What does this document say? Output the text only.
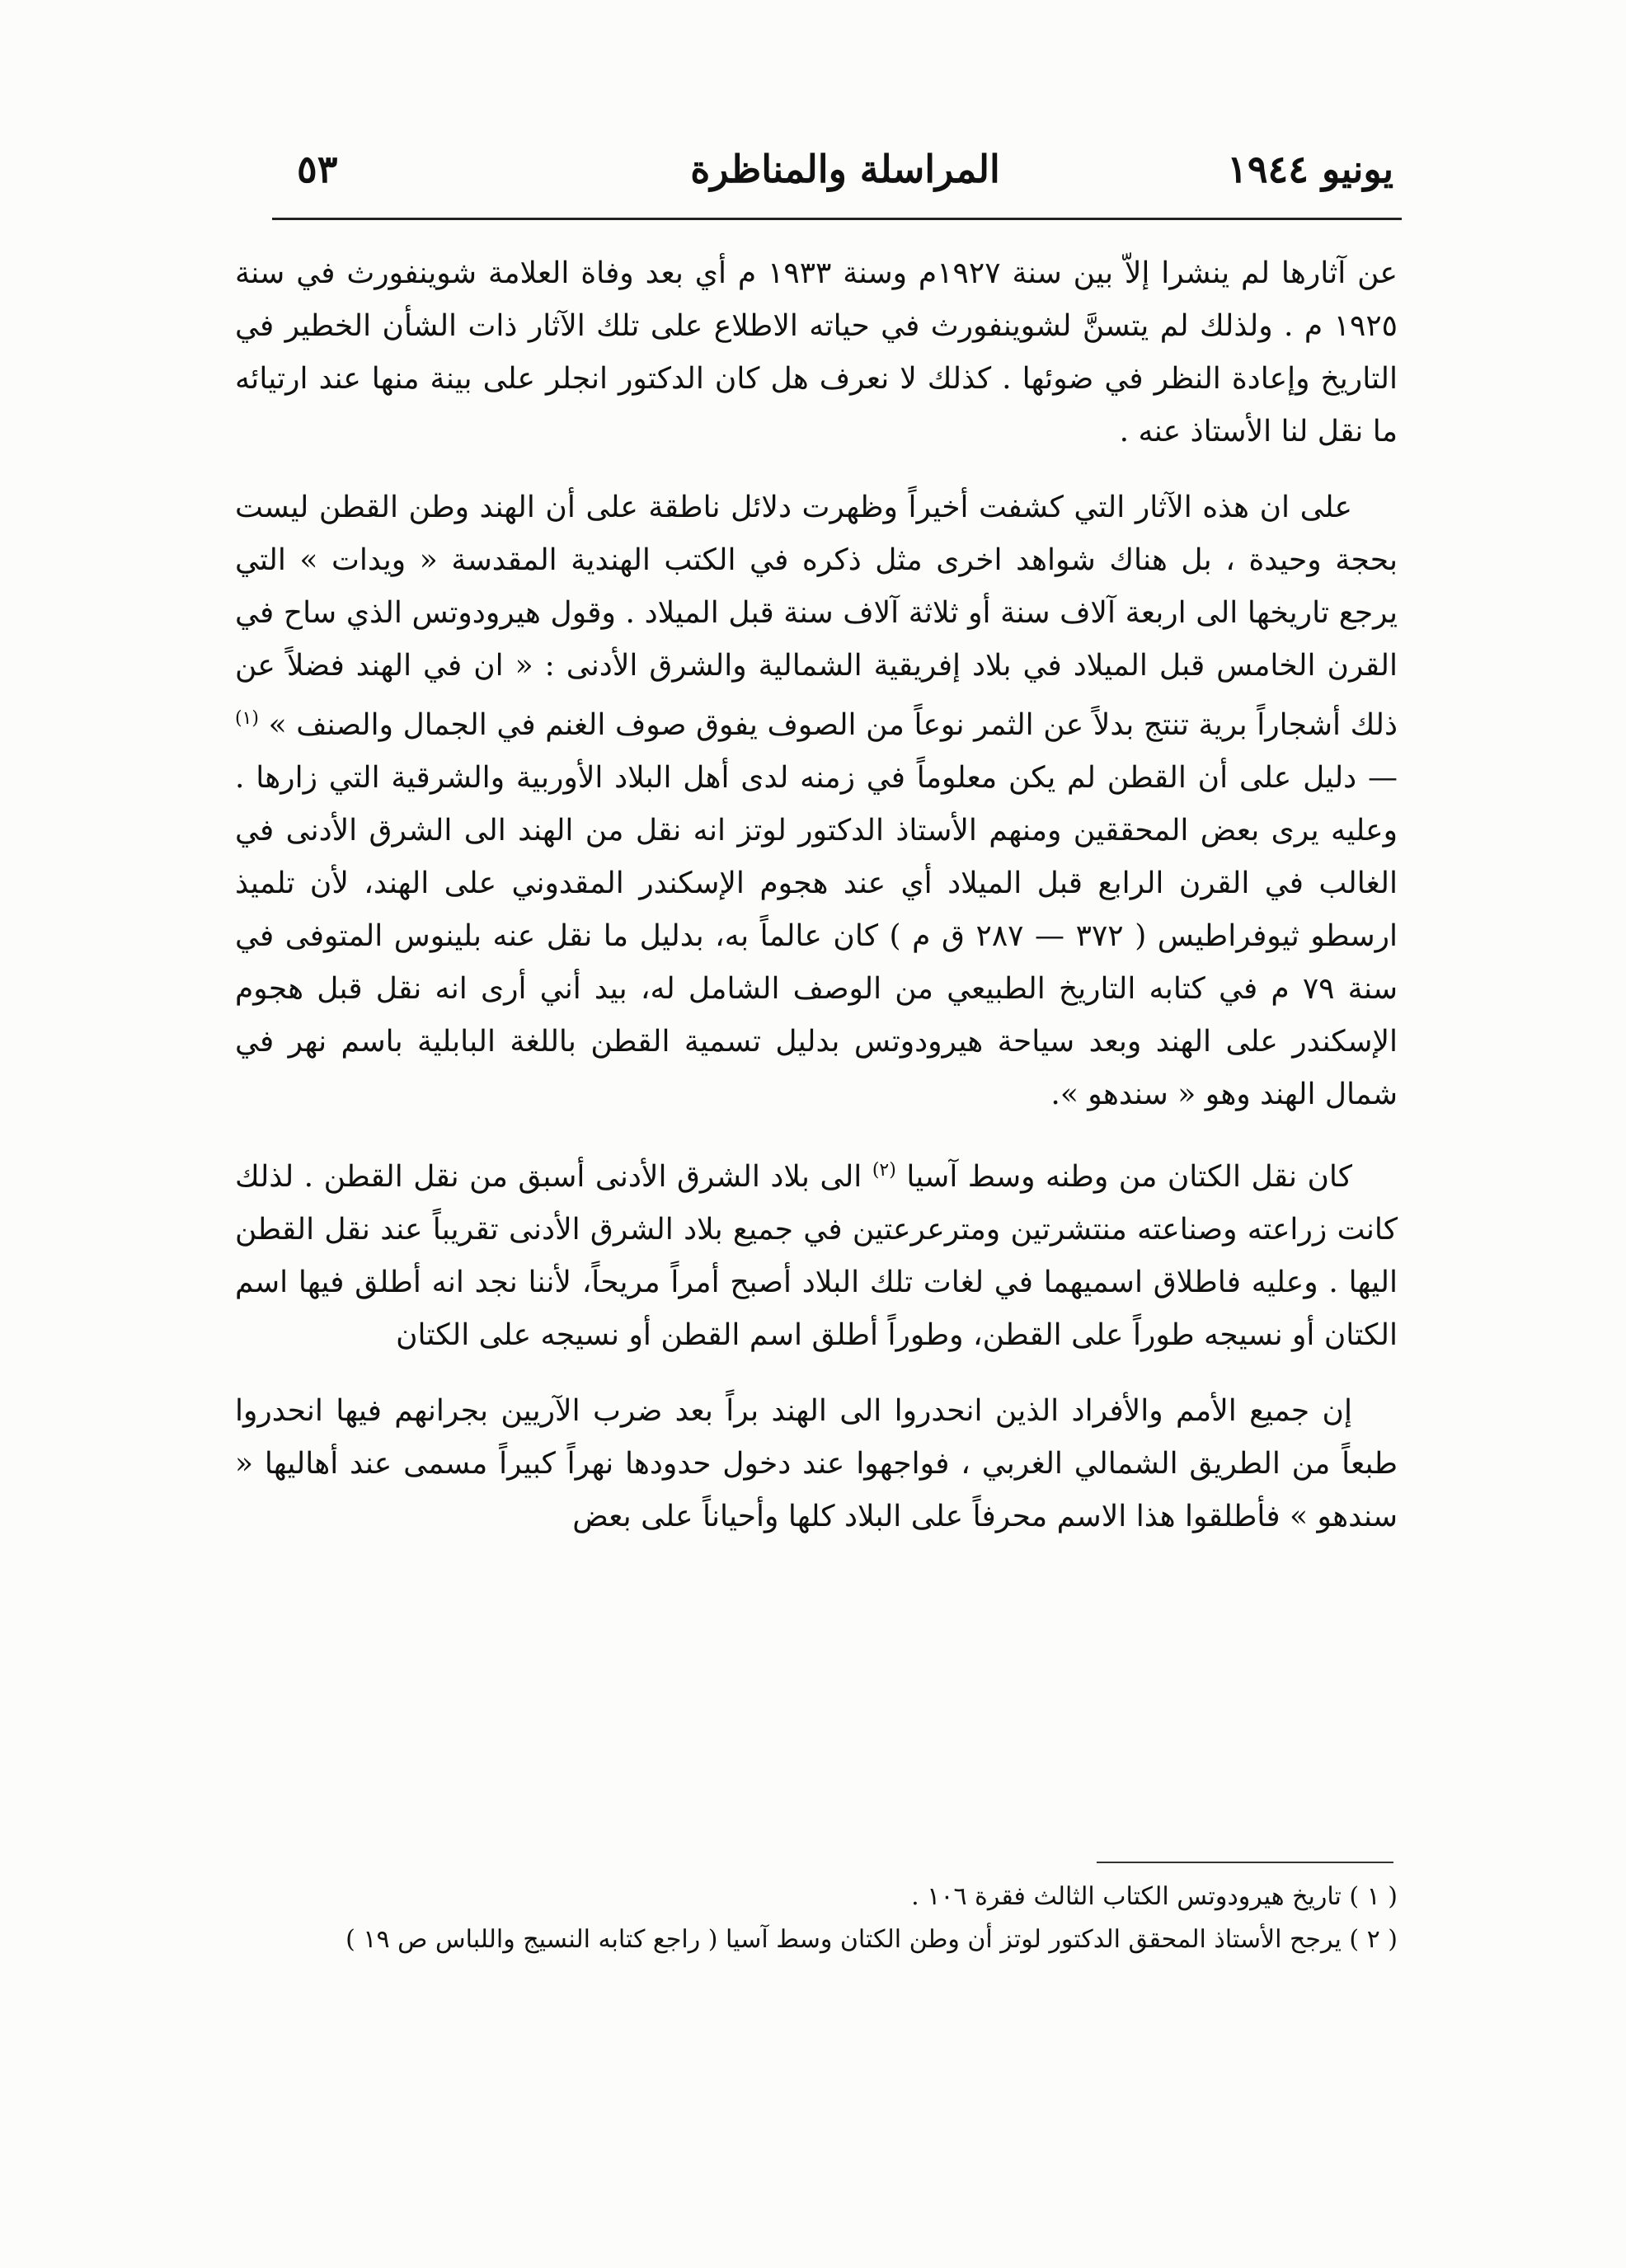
يونيو ١٩٤٤
المراسلة والمناظرة
٥٣

عن آثارها لم ينشرا إلاّ بين سنة ١٩٢٧م وسنة ١٩٣٣ م أي بعد وفاة العلامة شوينفورث في سنة ١٩٢٥ م . ولذلك لم يتسنَّ لشوينفورث في حياته الاطلاع على تلك الآثار ذات الشأن الخطير في التاريخ وإعادة النظر في ضوئها . كذلك لا نعرف هل كان الدكتور انجلر على بينة منها عند ارتيائه ما نقل لنا الأستاذ عنه .

على ان هذه الآثار التي كشفت أخيراً وظهرت دلائل ناطقة على أن الهند وطن القطن ليست بحجة وحيدة ، بل هناك شواهد اخرى مثل ذكره في الكتب الهندية المقدسة « ويدات » التي يرجع تاريخها الى اربعة آلاف سنة أو ثلاثة آلاف سنة قبل الميلاد . وقول هيرودوتس الذي ساح في القرن الخامس قبل الميلاد في بلاد إفريقية الشمالية والشرق الأدنى : « ان في الهند فضلاً عن ذلك أشجاراً برية تنتج بدلاً عن الثمر نوعاً من الصوف يفوق صوف الغنم في الجمال والصنف » $^{(١)}$ — دليل على أن القطن لم يكن معلوماً في زمنه لدى أهل البلاد الأوربية والشرقية التي زارها . وعليه يرى بعض المحققين ومنهم الأستاذ الدكتور لوتز انه نقل من الهند الى الشرق الأدنى في الغالب في القرن الرابع قبل الميلاد أي عند هجوم الإسكندر المقدوني على الهند، لأن تلميذ ارسطو ثيوفراطيس ( ٣٧٢ — ٢٨٧ ق م ) كان عالماً به، بدليل ما نقل عنه بلينوس المتوفى في سنة ٧٩ م في كتابه التاريخ الطبيعي من الوصف الشامل له، بيد أني أرى انه نقل قبل هجوم الإسكندر على الهند وبعد سياحة هيرودوتس بدليل تسمية القطن باللغة البابلية باسم نهر في شمال الهند وهو « سندهو ».

كان نقل الكتان من وطنه وسط آسيا $^{(٢)}$ الى بلاد الشرق الأدنى أسبق من نقل القطن . لذلك كانت زراعته وصناعته منتشرتين ومترعرعتين في جميع بلاد الشرق الأدنى تقريباً عند نقل القطن اليها . وعليه فاطلاق اسميهما في لغات تلك البلاد أصبح أمراً مريحاً، لأننا نجد انه أطلق فيها اسم الكتان أو نسيجه طوراً على القطن، وطوراً أطلق اسم القطن أو نسيجه على الكتان

إن جميع الأمم والأفراد الذين انحدروا الى الهند براً بعد ضرب الآريين بجرانهم فيها انحدروا طبعاً من الطريق الشمالي الغربي ، فواجهوا عند دخول حدودها نهراً كبيراً مسمى عند أهاليها « سندهو » فأطلقوا هذا الاسم محرفاً على البلاد كلها وأحياناً على بعض

( ١ ) تاريخ هيرودوتس الكتاب الثالث فقرة ١٠٦ .
( ٢ ) يرجح الأستاذ المحقق الدكتور لوتز أن وطن الكتان وسط آسيا ( راجع كتابه النسيج واللباس ص ١٩ )
